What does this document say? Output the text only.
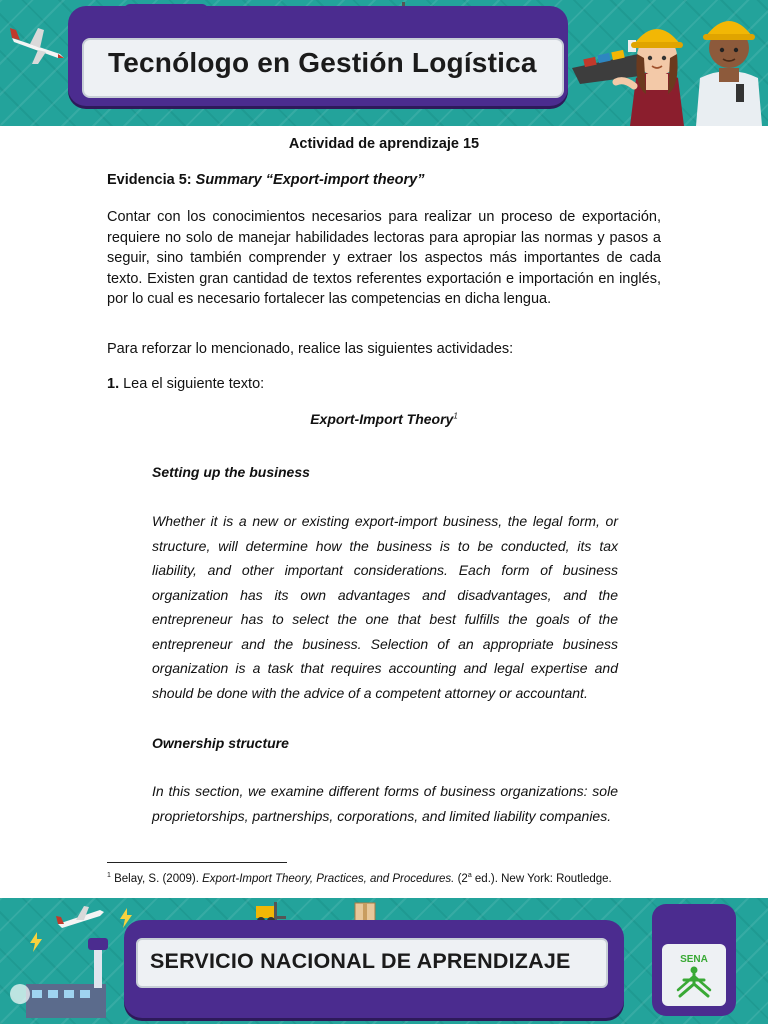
Tecnólogo en Gestión Logística
Actividad de aprendizaje 15
Evidencia 5: Summary “Export-import theory”
Contar con los conocimientos necesarios para realizar un proceso de exportación, requiere no solo de manejar habilidades lectoras para apropiar las normas y pasos a seguir, sino también comprender y extraer los aspectos más importantes de cada texto. Existen gran cantidad de textos referentes exportación e importación en inglés, por lo cual es necesario fortalecer las competencias en dicha lengua.
Para reforzar lo mencionado, realice las siguientes actividades:
1. Lea el siguiente texto:
Export-Import Theory$^1$
Setting up the business
Whether it is a new or existing export-import business, the legal form, or structure, will determine how the business is to be conducted, its tax liability, and other important considerations. Each form of business organization has its own advantages and disadvantages, and the entrepreneur has to select the one that best fulfills the goals of the entrepreneur and the business. Selection of an appropriate business organization is a task that requires accounting and legal expertise and should be done with the advice of a competent attorney or accountant.
Ownership structure
In this section, we examine different forms of business organizations: sole proprietorships, partnerships, corporations, and limited liability companies.
$^1$ Belay, S. (2009). Export-Import Theory, Practices, and Procedures. (2$^a$ ed.). New York: Routledge.
SERVICIO NACIONAL DE APRENDIZAJE	SENA
